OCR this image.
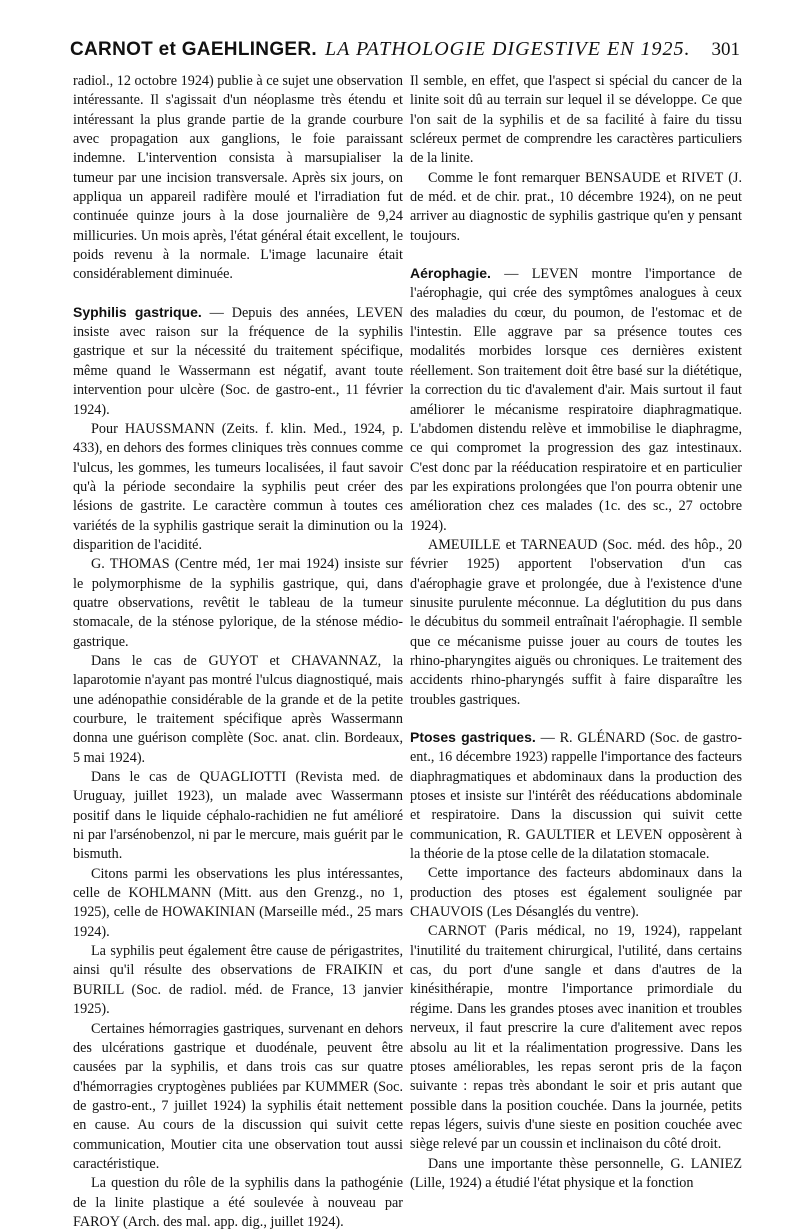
CARNOT et GAEHLINGER. LA PATHOLOGIE DIGESTIVE EN 1925. 301

radiol., 12 octobre 1924) publie à ce sujet une observation intéressante. Il s'agissait d'un néoplasme très étendu et intéressant la plus grande partie de la grande courbure avec propagation aux ganglions, le foie paraissant indemne. L'intervention consista à marsupialiser la tumeur par une incision transversale. Après six jours, on appliqua un appareil radifère moulé et l'irradiation fut continuée quinze jours à la dose journalière de 9,24 millicuries. Un mois après, l'état général était excellent, le poids revenu à la normale. L'image lacunaire était considérablement diminuée.

Syphilis gastrique. — Depuis des années, LEVEN insiste avec raison sur la fréquence de la syphilis gastrique et sur la nécessité du traitement spécifique, même quand le Wassermann est négatif, avant toute intervention pour ulcère (Soc. de gastro-ent., 11 février 1924).

Pour HAUSSMANN (Zeits. f. klin. Med., 1924, p. 433), en dehors des formes cliniques très connues comme l'ulcus, les gommes, les tumeurs localisées, il faut savoir qu'à la période secondaire la syphilis peut créer des lésions de gastrite. Le caractère commun à toutes ces variétés de la syphilis gastrique serait la diminution ou la disparition de l'acidité.

G. THOMAS (Centre méd, 1er mai 1924) insiste sur le polymorphisme de la syphilis gastrique, qui, dans quatre observations, revêtit le tableau de la tumeur stomacale, de la sténose pylorique, de la sténose médio-gastrique.

Dans le cas de GUYOT et CHAVANNAZ, la laparotomie n'ayant pas montré l'ulcus diagnostiqué, mais une adénopathie considérable de la grande et de la petite courbure, le traitement spécifique après Wassermann donna une guérison complète (Soc. anat. clin. Bordeaux, 5 mai 1924).

Dans le cas de QUAGLIOTTI (Revista med. de Uruguay, juillet 1923), un malade avec Wassermann positif dans le liquide céphalo-rachidien ne fut amélioré ni par l'arsénobenzol, ni par le mercure, mais guérit par le bismuth.

Citons parmi les observations les plus intéressantes, celle de KOHLMANN (Mitt. aus den Grenzg., no 1, 1925), celle de HOWAKINIAN (Marseille méd., 25 mars 1924).

La syphilis peut également être cause de périgastrites, ainsi qu'il résulte des observations de FRAIKIN et BURILL (Soc. de radiol. méd. de France, 13 janvier 1925).

Certaines hémorragies gastriques, survenant en dehors des ulcérations gastrique et duodénale, peuvent être causées par la syphilis, et dans trois cas sur quatre d'hémorragies cryptogènes publiées par KUMMER (Soc. de gastro-ent., 7 juillet 1924) la syphilis était nettement en cause. Au cours de la discussion qui suivit cette communication, Moutier cita une observation tout aussi caractéristique.

La question du rôle de la syphilis dans la pathogénie de la linite plastique a été soulevée à nouveau par FAROY (Arch. des mal. app. dig., juillet 1924).

Il semble, en effet, que l'aspect si spécial du cancer de la linite soit dû au terrain sur lequel il se développe. Ce que l'on sait de la syphilis et de sa facilité à faire du tissu scléreux permet de comprendre les caractères particuliers de la linite.

Comme le font remarquer BENSAUDE et RIVET (J. de méd. et de chir. prat., 10 décembre 1924), on ne peut arriver au diagnostic de syphilis gastrique qu'en y pensant toujours.

Aérophagie. — LEVEN montre l'importance de l'aérophagie, qui crée des symptômes analogues à ceux des maladies du cœur, du poumon, de l'estomac et de l'intestin. Elle aggrave par sa présence toutes ces modalités morbides lorsque ces dernières existent réellement. Son traitement doit être basé sur la diététique, la correction du tic d'avalement d'air. Mais surtout il faut améliorer le mécanisme respiratoire diaphragmatique. L'abdomen distendu relève et immobilise le diaphragme, ce qui compromet la progression des gaz intestinaux. C'est donc par la rééducation respiratoire et en particulier par les expirations prolongées que l'on pourra obtenir une amélioration chez ces malades (1c. des sc., 27 octobre 1924).

AMEUILLE et TARNEAUD (Soc. méd. des hôp., 20 février 1925) apportent l'observation d'un cas d'aérophagie grave et prolongée, due à l'existence d'une sinusite purulente méconnue. La déglutition du pus dans le décubitus du sommeil entraînait l'aérophagie. Il semble que ce mécanisme puisse jouer au cours de toutes les rhino-pharyngites aiguës ou chroniques. Le traitement des accidents rhino-pharyngés suffit à faire disparaître les troubles gastriques.

Ptoses gastriques. — R. GLÉNARD (Soc. de gastro-ent., 16 décembre 1923) rappelle l'importance des facteurs diaphragmatiques et abdominaux dans la production des ptoses et insiste sur l'intérêt des rééducations abdominale et respiratoire. Dans la discussion qui suivit cette communication, R. GAULTIER et LEVEN opposèrent à la théorie de la ptose celle de la dilatation stomacale.

Cette importance des facteurs abdominaux dans la production des ptoses est également soulignée par CHAUVOIS (Les Désanglés du ventre).

CARNOT (Paris médical, no 19, 1924), rappelant l'inutilité du traitement chirurgical, l'utilité, dans certains cas, du port d'une sangle et dans d'autres de la kinésithérapie, montre l'importance primordiale du régime. Dans les grandes ptoses avec inanition et troubles nerveux, il faut prescrire la cure d'alitement avec repos absolu au lit et la réalimentation progressive. Dans les ptoses améliorables, les repas seront pris de la façon suivante : repas très abondant le soir et pris autant que possible dans la position couchée. Dans la journée, petits repas légers, suivis d'une sieste en position couchée avec siège relevé par un coussin et inclinaison du côté droit.

Dans une importante thèse personnelle, G. LANIEZ (Lille, 1924) a étudié l'état physique et la fonction
